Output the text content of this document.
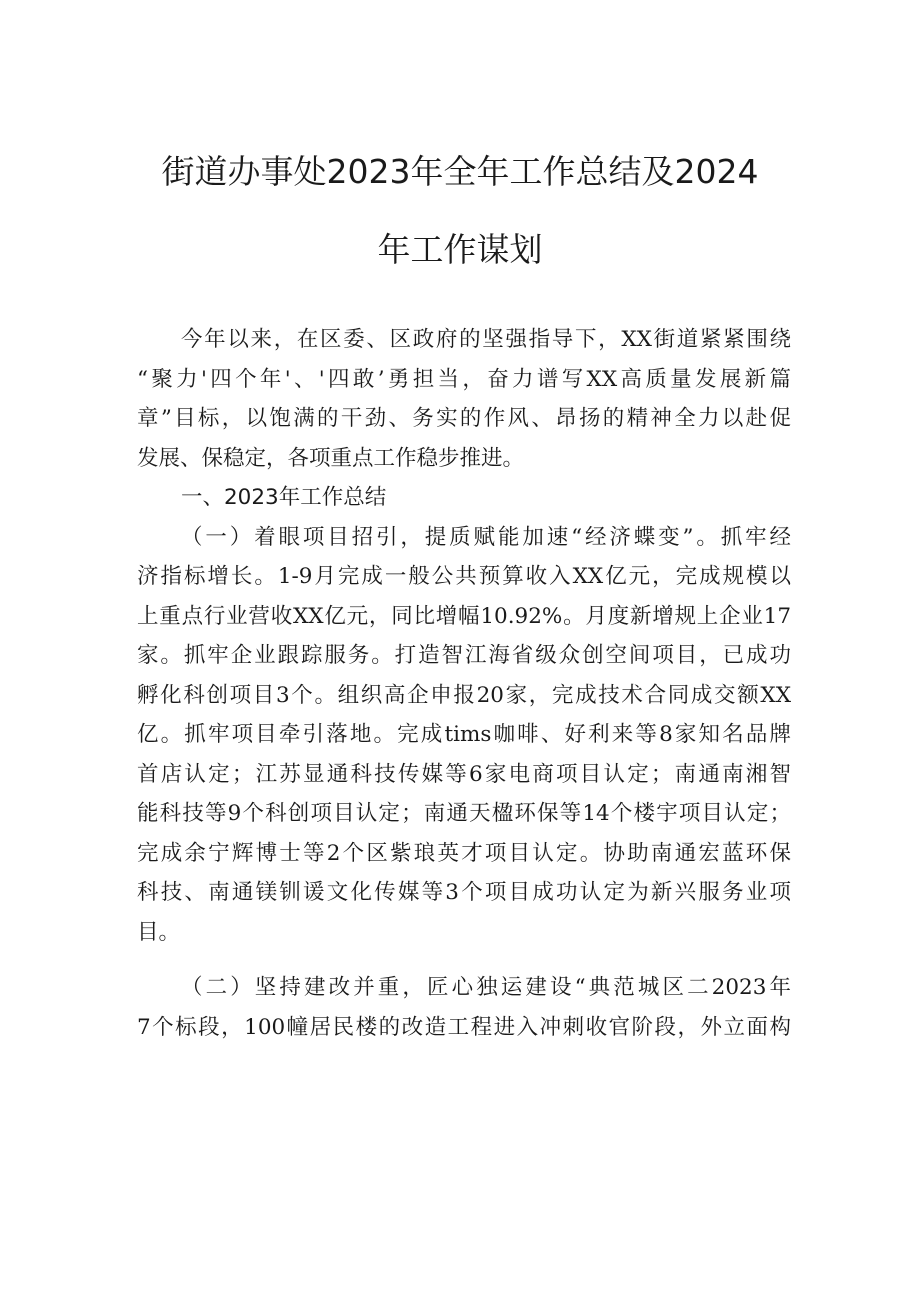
街道办事处2023年全年工作总结及2024
年工作谋划
今年以来，在区委、区政府的坚强指导下，XX街道紧紧围绕
“聚力'四个年'、'四敢’勇担当，奋力谱写XX高质量发展新篇
章”目标，以饱满的干劲、务实的作风、昂扬的精神全力以赴促
发展、保稳定，各项重点工作稳步推进。
一、2023年工作总结
（一）着眼项目招引，提质赋能加速“经济蝶变”。抓牢经
济指标增长。1-9月完成一般公共预算收入XX亿元，完成规模以
上重点行业营收XX亿元，同比增幅10.92%。月度新增规上企业17
家。抓牢企业跟踪服务。打造智江海省级众创空间项目，已成功
孵化科创项目3个。组织高企申报20家，完成技术合同成交额XX
亿。抓牢项目牵引落地。完成tims咖啡、好利来等8家知名品牌
首店认定；江苏显通科技传媒等6家电商项目认定；南通南湘智
能科技等9个科创项目认定；南通天楹环保等14个楼宇项目认定；
完成余宁辉博士等2个区紫琅英才项目认定。协助南通宏蓝环保
科技、南通镁钏谖文化传媒等3个项目成功认定为新兴服务业项
目。
（二）坚持建改并重，匠心独运建设“典范城区二2023年
7个标段，100幢居民楼的改造工程进入冲刺收官阶段，外立面构
